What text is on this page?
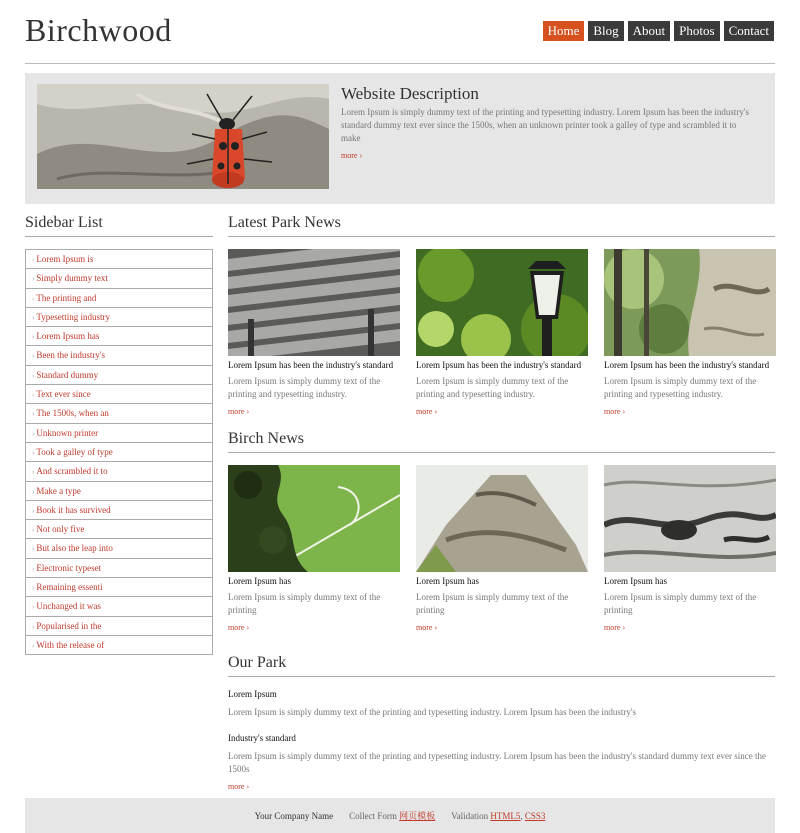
Birchwood	Home	Blog	About	Photos	Contact
Website Description

Lorem Ipsum is simply dummy text of the printing and typesetting industry. Lorem Ipsum has been the industry's standard dummy text ever since the 1500s, when an unknown printer took a galley of type and scrambled it to make

more ›
Sidebar List
› Lorem Ipsum is
› Simply dummy text
› The printing and
› Typesetting industry
› Lorem Ipsum has
› Been the industry's
› Standard dummy
› Text ever since
› The 1500s, when an
› Unknown printer
› Took a galley of type
› And scrambled it to
› Make a type
› Book it has survived
› Not only five
› But also the leap into
› Electronic typeset
› Remaining essenti
› Unchanged it was
› Popularised in the
› With the release of
Latest Park News
Lorem Ipsum has been the industry's standard
Lorem Ipsum is simply dummy text of the printing and typesetting industry.
more ›
Lorem Ipsum has been the industry's standard
Lorem Ipsum is simply dummy text of the printing and typesetting industry.
more ›
Lorem Ipsum has been the industry's standard
Lorem Ipsum is simply dummy text of the printing and typesetting industry.
more ›
Birch News
Lorem Ipsum has
Lorem Ipsum is simply dummy text of the printing
more ›
Lorem Ipsum has
Lorem Ipsum is simply dummy text of the printing
more ›
Lorem Ipsum has
Lorem Ipsum is simply dummy text of the printing
more ›
Our Park
Lorem Ipsum

Lorem Ipsum is simply dummy text of the printing and typesetting industry. Lorem Ipsum has been the industry's

Industry's standard

Lorem Ipsum is simply dummy text of the printing and typesetting industry. Lorem Ipsum has been the industry's standard dummy text ever since the 1500s

more ›
Your Company Name Collect Form 网页模板 Validation HTML5, CSS3
